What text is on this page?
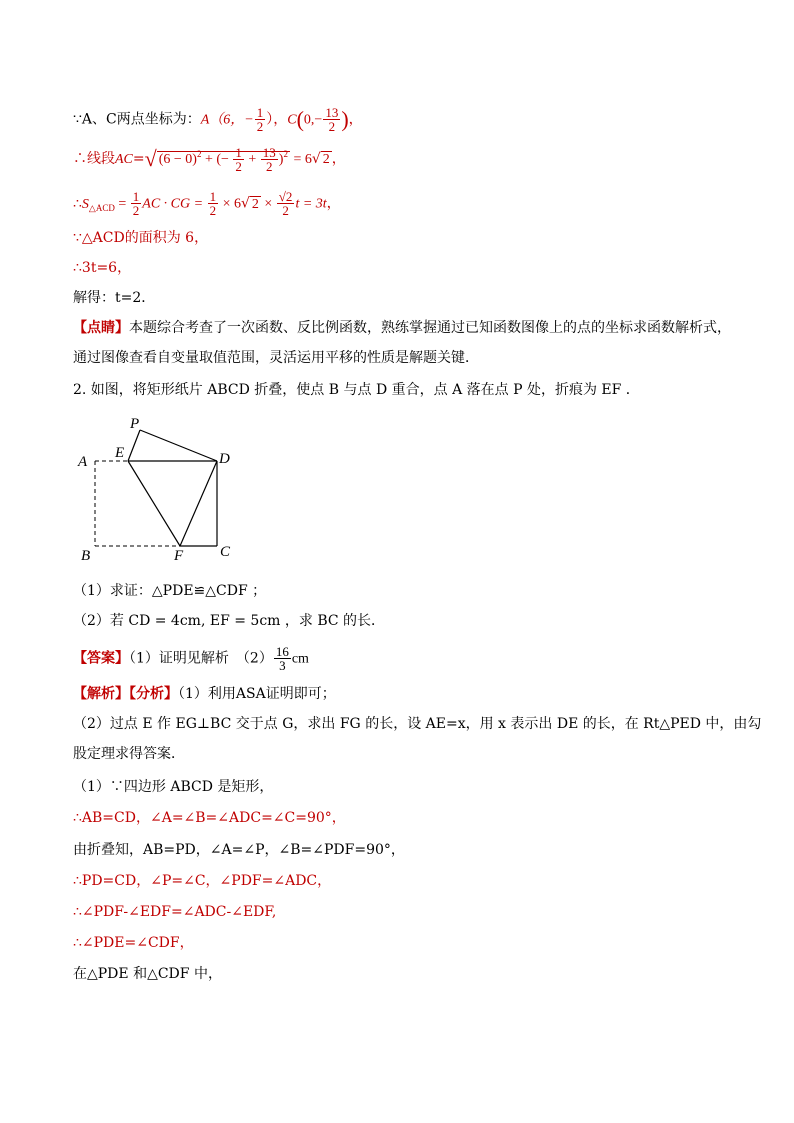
∵A、C两点坐标为：A（6，− $\frac{1}{2}$ ），$C(0,- \frac{13}{2}$ )，
∴线段AC=√ $(6 - 0)^2$ + (− $\frac{1}{2} + \frac{13}{2} )^2 = 6√$ 2 ，
$\therefore S_{\triangle ACD} = \frac{1}{2}$ AC · CG = $\frac{1}{2} \times 6√$ $2 \times \frac{√2}{2}$ t = 3t，
∵△ACD的面积为 6，
∴3t=6，
解得：t=2．
【点睛】本题综合考查了一次函数、反比例函数，熟练掌握通过已知函数图像上的点的坐标求函数解析式，
通过图像查看自变量取值范围，灵活运用平移的性质是解题关键．
2. 如图，将矩形纸片 ABCD 折叠，使点 B 与点 D 重合，点 A 落在点 P 处，折痕为 EF ．
P
E
A	D
B	F C
（1）求证：△PDE≌△CDF ；
（2）若 CD = 4cm, EF = 5cm ，求 BC 的长．
【答案】（1）证明见解析　$(2) \frac{16}{3}$ cm
【解析】【分析】（1）利用ASA证明即可；
（2）过点 E 作 EG⊥BC 交于点 G，求出 FG 的长，设 AE=x，用 x 表示出 DE 的长，在 Rt△PED 中，由勾
股定理求得答案．
（1）∵四边形 ABCD 是矩形，
∴AB=CD，∠A=∠B=∠ADC=∠C=90°，
由折叠知，AB=PD，∠A=∠P，∠B=∠PDF=90°，
∴PD=CD，∠P=∠C，∠PDF=∠ADC，
∴∠PDF-∠EDF=∠ADC-∠EDF,
∴∠PDE=∠CDF，
在△PDE 和△CDF 中，
